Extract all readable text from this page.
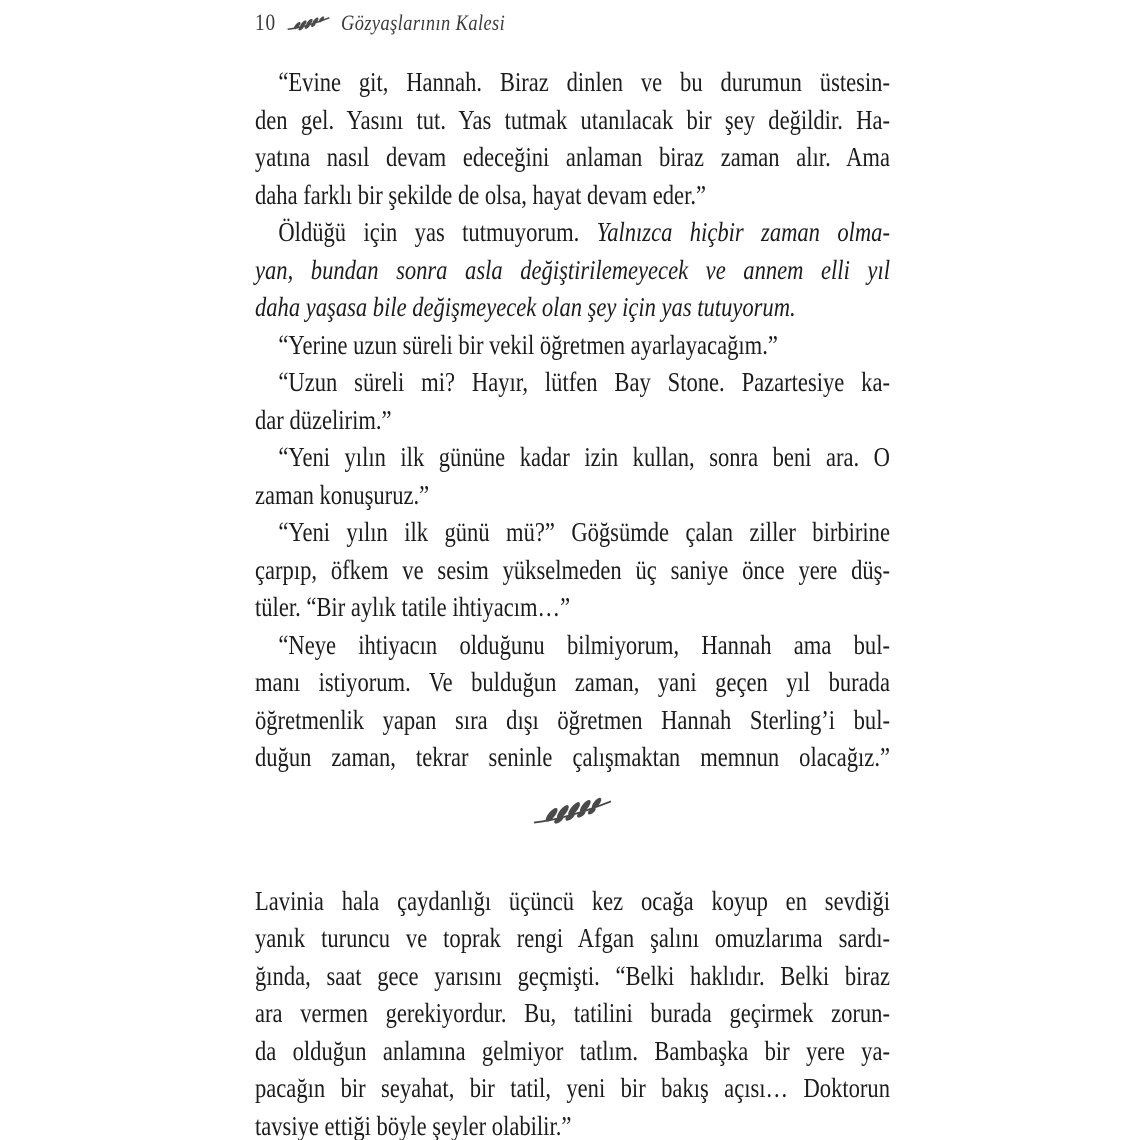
10	Gözyaşlarının Kalesi
“Evine git, Hannah. Biraz dinlen ve bu durumun üstesin-
den gel. Yasını tut. Yas tutmak utanılacak bir şey değildir. Ha-
yatına nasıl devam edeceğini anlaman biraz zaman alır. Ama
daha farklı bir şekilde de olsa, hayat devam eder.”
Öldüğü için yas tutmuyorum. Yalnızca hiçbir zaman olma-
yan, bundan sonra asla değiştirilemeyecek ve annem elli yıl
daha yaşasa bile değişmeyecek olan şey için yas tutuyorum.
“Yerine uzun süreli bir vekil öğretmen ayarlayacağım.”
“Uzun süreli mi? Hayır, lütfen Bay Stone. Pazartesiye ka-
dar düzelirim.”
“Yeni yılın ilk gününe kadar izin kullan, sonra beni ara. O
zaman konuşuruz.”
“Yeni yılın ilk günü mü?” Göğsümde çalan ziller birbirine
çarpıp, öfkem ve sesim yükselmeden üç saniye önce yere düş-
tüler. “Bir aylık tatile ihtiyacım…”
“Neye ihtiyacın olduğunu bilmiyorum, Hannah ama bul-
manı istiyorum. Ve bulduğun zaman, yani geçen yıl burada
öğretmenlik yapan sıra dışı öğretmen Hannah Sterling’i bul-
duğun zaman, tekrar seninle çalışmaktan memnun olacağız.”
Lavinia hala çaydanlığı üçüncü kez ocağa koyup en sevdiği
yanık turuncu ve toprak rengi Afgan şalını omuzlarıma sardı-
ğında, saat gece yarısını geçmişti. “Belki haklıdır. Belki biraz
ara vermen gerekiyordur. Bu, tatilini burada geçirmek zorun-
da olduğun anlamına gelmiyor tatlım. Bambaşka bir yere ya-
pacağın bir seyahat, bir tatil, yeni bir bakış açısı… Doktorun
tavsiye ettiği böyle şeyler olabilir.”
